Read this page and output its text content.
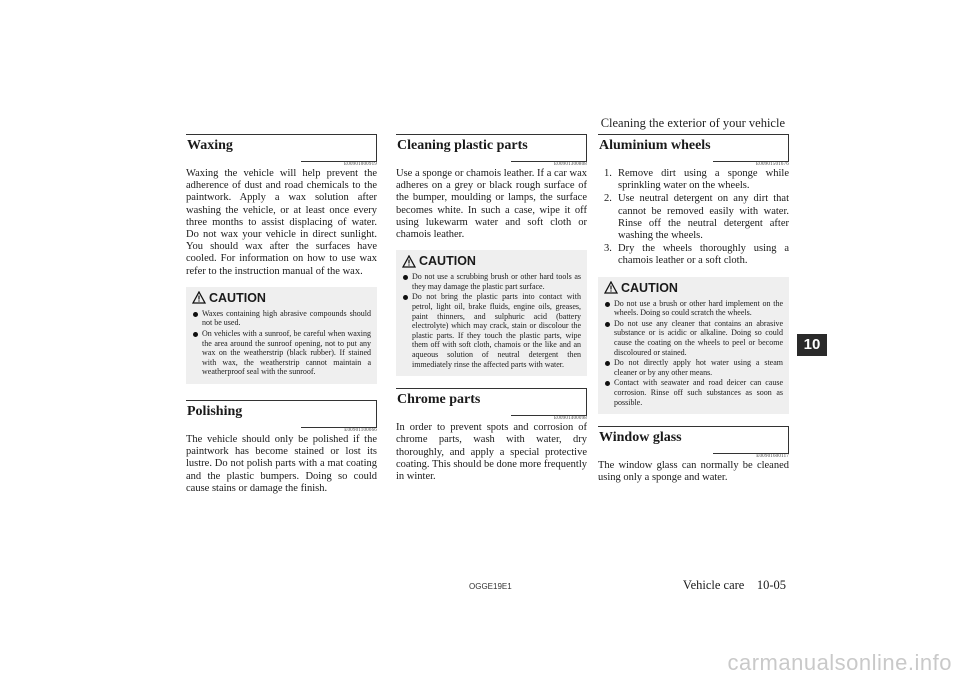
Cleaning the exterior of your vehicle
10
Waxing
E00901000919

Waxing the vehicle will help prevent the adherence of dust and road chemicals to the paintwork. Apply a wax solution after washing the vehicle, or at least once every three months to assist displacing of water. Do not wax your vehicle in direct sunlight. You should wax after the surfaces have cooled. For information on how to use wax refer to the instruction manual of the wax.

CAUTION
Waxes containing high abrasive compounds should not be used.
On vehicles with a sunroof, be careful when waxing the area around the sunroof opening, not to put any wax on the weatherstrip (black rubber). If stained with wax, the weatherstrip cannot maintain a weatherproof seal with the sunroof.
Polishing
E00901100066

The vehicle should only be polished if the paintwork has become stained or lost its lustre. Do not polish parts with a mat coating and the plastic bumpers. Doing so could cause stains or damage the finish.

Cleaning plastic parts
E00901300808

Use a sponge or chamois leather. If a car wax adheres on a grey or black rough surface of the bumper, moulding or lamps, the surface becomes white. In such a case, wipe it off using lukewarm water and soft cloth or chamois leather.

CAUTION
Do not use a scrubbing brush or other hard tools as they may damage the plastic part surface.
Do not bring the plastic parts into contact with petrol, light oil, brake fluids, engine oils, greases, paint thinners, and sulphuric acid (battery electrolyte) which may crack, stain or discolour the plastic parts. If they touch the plastic parts, wipe them off with soft cloth, chamois or the like and an aqueous solution of neutral detergent then immediately rinse the affected parts with water.
Chrome parts
E00901400098

In order to prevent spots and corrosion of chrome parts, wash with water, dry thoroughly, and apply a special protective coating. This should be done more frequently in winter.

Aluminium wheels
E00901501676
1. Remove dirt using a sponge while sprinkling water on the wheels.
2. Use neutral detergent on any dirt that cannot be removed easily with water. Rinse off the neutral detergent after washing the wheels.
3. Dry the wheels thoroughly using a chamois leather or a soft cloth.
CAUTION
Do not use a brush or other hard implement on the wheels. Doing so could scratch the wheels.
Do not use any cleaner that contains an abrasive substance or is acidic or alkaline. Doing so could cause the coating on the wheels to peel or become discoloured or stained.
Do not directly apply hot water using a steam cleaner or by any other means.
Contact with seawater and road deicer can cause corrosion. Rinse off such substances as soon as possible.
Window glass
E00901600117

The window glass can normally be cleaned using only a sponge and water.

OGGE19E1	Vehicle care    10-05
carmanualsonline.info
